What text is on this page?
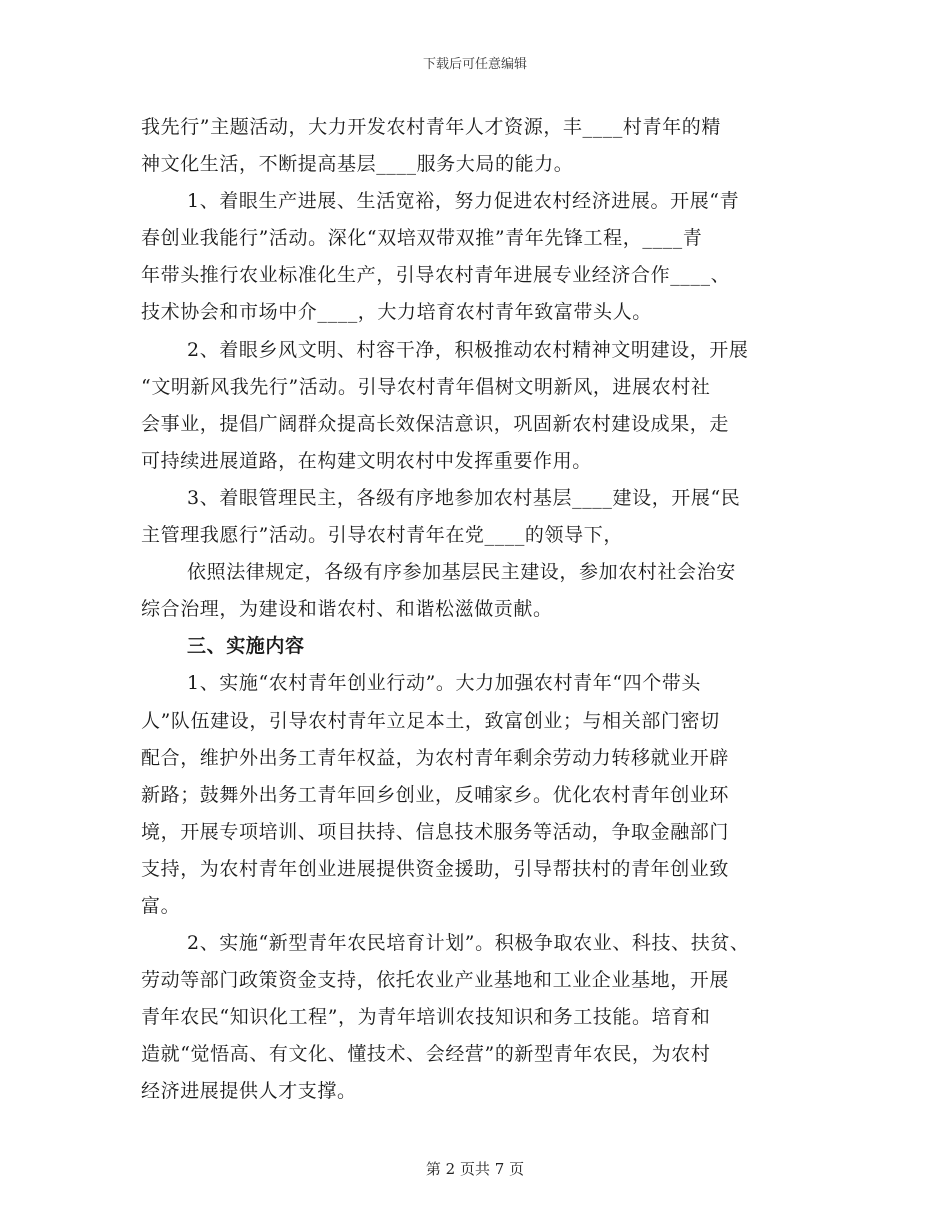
下载后可任意编辑
我先行”主题活动，大力开发农村青年人才资源，丰____村青年的精
神文化生活，不断提高基层____服务大局的能力。
1、着眼生产进展、生活宽裕，努力促进农村经济进展。开展“青
春创业我能行”活动。深化“双培双带双推”青年先锋工程，____青
年带头推行农业标准化生产，引导农村青年进展专业经济合作____、
技术协会和市场中介____，大力培育农村青年致富带头人。
2、着眼乡风文明、村容干净，积极推动农村精神文明建设，开展
“文明新风我先行”活动。引导农村青年倡树文明新风，进展农村社
会事业，提倡广阔群众提高长效保洁意识，巩固新农村建设成果，走
可持续进展道路，在构建文明农村中发挥重要作用。
3、着眼管理民主，各级有序地参加农村基层____建设，开展“民
主管理我愿行”活动。引导农村青年在党____的领导下，
依照法律规定，各级有序参加基层民主建设，参加农村社会治安
综合治理，为建设和谐农村、和谐松滋做贡献。
三、实施内容
1、实施“农村青年创业行动”。大力加强农村青年“四个带头
人”队伍建设，引导农村青年立足本土，致富创业；与相关部门密切
配合，维护外出务工青年权益，为农村青年剩余劳动力转移就业开辟
新路；鼓舞外出务工青年回乡创业，反哺家乡。优化农村青年创业环
境，开展专项培训、项目扶持、信息技术服务等活动，争取金融部门
支持，为农村青年创业进展提供资金援助，引导帮扶村的青年创业致
富。
2、实施“新型青年农民培育计划”。积极争取农业、科技、扶贫、
劳动等部门政策资金支持，依托农业产业基地和工业企业基地，开展
青年农民“知识化工程”，为青年培训农技知识和务工技能。培育和
造就“觉悟高、有文化、懂技术、会经营”的新型青年农民，为农村
经济进展提供人才支撑。
第 2 页共 7 页
